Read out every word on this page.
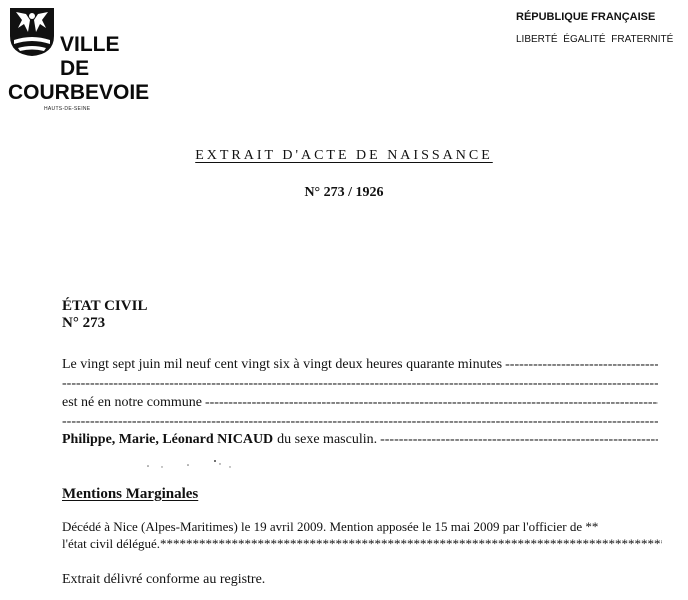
VILLE
DE
COURBEVOIE
HAUTS-DE-SEINE
RÉPUBLIQUE FRANÇAISE
LIBERTÉ ÉGALITÉ FRATERNITÉ
EXTRAIT D'ACTE DE NAISSANCE
N° 273 / 1926
ÉTAT CIVIL
N° 273
Le vingt sept juin mil neuf cent vingt six à vingt deux heures quarante minutes
-----
-----
est né en notre commune
-----
-----
Philippe, Marie, Léonard NICAUD du sexe masculin.
-----
Mentions Marginales
Décédé à Nice (Alpes-Maritimes) le 19 avril 2009. Mention apposée le 15 mai 2009 par l'officier de **
l'état civil délégué. *****
Extrait délivré conforme au registre.
